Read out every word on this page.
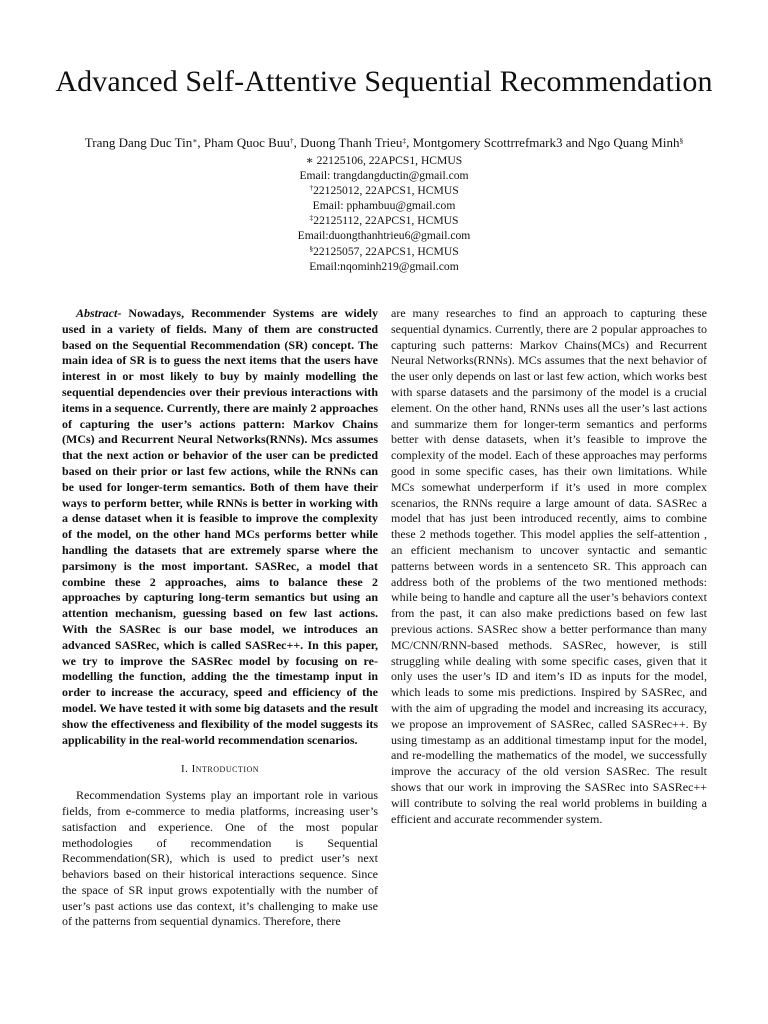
Advanced Self-Attentive Sequential Recommendation
Trang Dang Duc Tin∗, Pham Quoc Buu†, Duong Thanh Trieu‡, Montgomery Scottrrefmark3 and Ngo Quang Minh§
∗ 22125106, 22APCS1, HCMUS
Email: trangdangductin@gmail.com
†22125012, 22APCS1, HCMUS
Email: pphambuu@gmail.com
‡22125112, 22APCS1, HCMUS
Email:duongthanhtrieu6@gmail.com
§22125057, 22APCS1, HCMUS
Email:nqominh219@gmail.com

Abstract- Nowadays, Recommender Systems are widely used in a variety of fields. Many of them are constructed based on the Sequential Recommendation (SR) concept. The main idea of SR is to guess the next items that the users have interest in or most likely to buy by mainly modelling the sequential dependencies over their previous interactions with items in a sequence. Currently, there are mainly 2 approaches of capturing the user’s actions pattern: Markov Chains (MCs) and Recurrent Neural Networks(RNNs). Mcs assumes that the next action or behavior of the user can be predicted based on their prior or last few actions, while the RNNs can be used for longer-term semantics. Both of them have their ways to perform better, while RNNs is better in working with a dense dataset when it is feasible to improve the complexity of the model, on the other hand MCs performs better while handling the datasets that are extremely sparse where the parsimony is the most important. SASRec, a model that combine these 2 approaches, aims to balance these 2 approaches by capturing long-term semantics but using an attention mechanism, guessing based on few last actions. With the SASRec is our base model, we introduces an advanced SASRec, which is called SASRec++. In this paper, we try to improve the SASRec model by focusing on re-modelling the function, adding the the timestamp input in order to increase the accuracy, speed and efficiency of the model. We have tested it with some big datasets and the result show the effectiveness and flexibility of the model suggests its applicability in the real-world recommendation scenarios.

I. Introduction

Recommendation Systems play an important role in various fields, from e-commerce to media platforms, increasing user’s satisfaction and experience. One of the most popular methodologies of recommendation is Sequential Recommendation(SR), which is used to predict user’s next behaviors based on their historical interactions sequence. Since the space of SR input grows expotentially with the number of user’s past actions use das context, it’s challenging to make use of the patterns from sequential dynamics. Therefore, there

are many researches to find an approach to capturing these sequential dynamics. Currently, there are 2 popular approaches to capturing such patterns: Markov Chains(MCs) and Recurrent Neural Networks(RNNs). MCs assumes that the next behavior of the user only depends on last or last few action, which works best with sparse datasets and the parsimony of the model is a crucial element. On the other hand, RNNs uses all the user’s last actions and summarize them for longer-term semantics and performs better with dense datasets, when it’s feasible to improve the complexity of the model. Each of these approaches may performs good in some specific cases, has their own limitations. While MCs somewhat underperform if it’s used in more complex scenarios, the RNNs require a large amount of data. SASRec a model that has just been introduced recently, aims to combine these 2 methods together. This model applies the self-attention , an efficient mechanism to uncover syntactic and semantic patterns between words in a sentenceto SR. This approach can address both of the problems of the two mentioned methods: while being to handle and capture all the user’s behaviors context from the past, it can also make predictions based on few last previous actions. SASRec show a better performance than many MC/CNN/RNN-based methods. SASRec, however, is still struggling while dealing with some specific cases, given that it only uses the user’s ID and item’s ID as inputs for the model, which leads to some mis predictions. Inspired by SASRec, and with the aim of upgrading the model and increasing its accuracy, we propose an improvement of SASRec, called SASRec++. By using timestamp as an additional timestamp input for the model, and re-modelling the mathematics of the model, we successfully improve the accuracy of the old version SASRec. The result shows that our work in improving the SASRec into SASRec++ will contribute to solving the real world problems in building a efficient and accurate recommender system.
